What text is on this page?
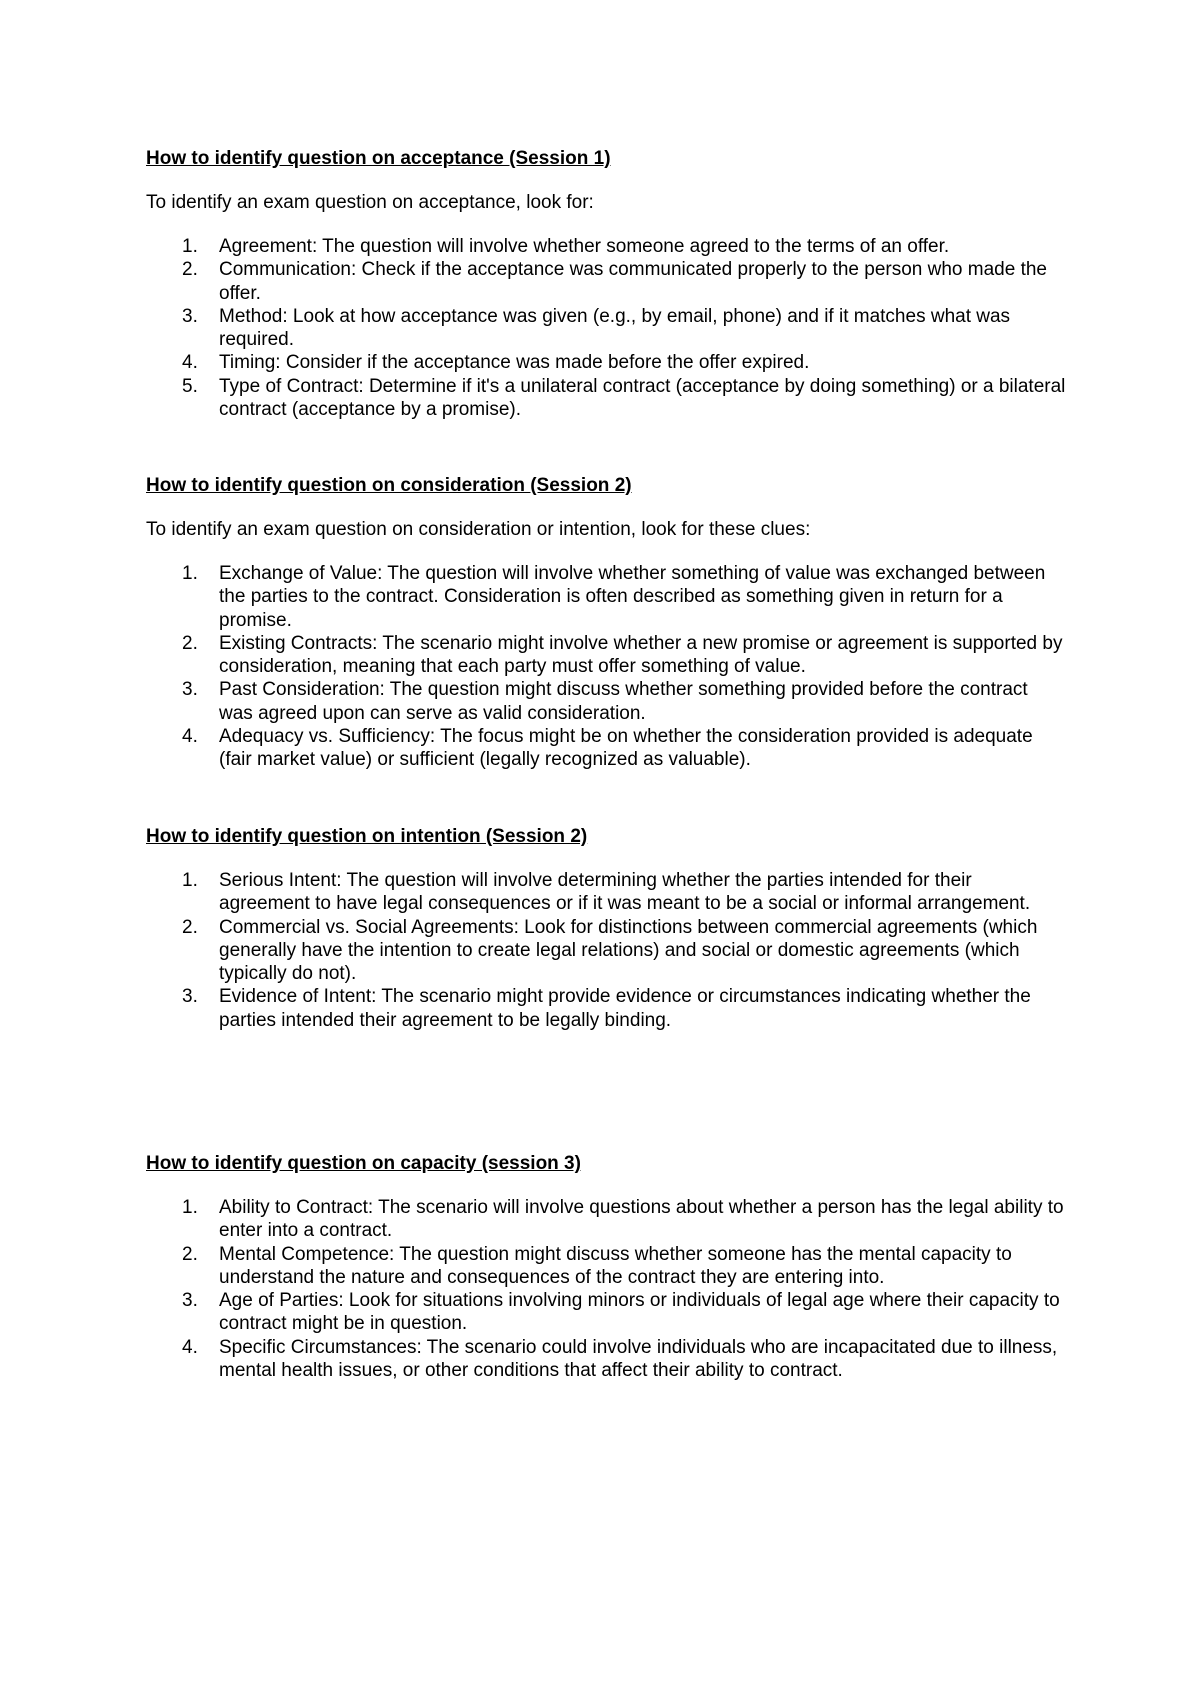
How to identify question on acceptance (Session 1)

To identify an exam question on acceptance, look for:

1. Agreement: The question will involve whether someone agreed to the terms of an offer.
2. Communication: Check if the acceptance was communicated properly to the person who made the offer.
3. Method: Look at how acceptance was given (e.g., by email, phone) and if it matches what was required.
4. Timing: Consider if the acceptance was made before the offer expired.
5. Type of Contract: Determine if it's a unilateral contract (acceptance by doing something) or a bilateral contract (acceptance by a promise).

How to identify question on consideration (Session 2)

To identify an exam question on consideration or intention, look for these clues:

1. Exchange of Value: The question will involve whether something of value was exchanged between the parties to the contract. Consideration is often described as something given in return for a promise.
2. Existing Contracts: The scenario might involve whether a new promise or agreement is supported by consideration, meaning that each party must offer something of value.
3. Past Consideration: The question might discuss whether something provided before the contract was agreed upon can serve as valid consideration.
4. Adequacy vs. Sufficiency: The focus might be on whether the consideration provided is adequate (fair market value) or sufficient (legally recognized as valuable).

How to identify question on intention (Session 2)

1. Serious Intent: The question will involve determining whether the parties intended for their agreement to have legal consequences or if it was meant to be a social or informal arrangement.
2. Commercial vs. Social Agreements: Look for distinctions between commercial agreements (which generally have the intention to create legal relations) and social or domestic agreements (which typically do not).
3. Evidence of Intent: The scenario might provide evidence or circumstances indicating whether the parties intended their agreement to be legally binding.

How to identify question on capacity (session 3)

1. Ability to Contract: The scenario will involve questions about whether a person has the legal ability to enter into a contract.
2. Mental Competence: The question might discuss whether someone has the mental capacity to understand the nature and consequences of the contract they are entering into.
3. Age of Parties: Look for situations involving minors or individuals of legal age where their capacity to contract might be in question.
4. Specific Circumstances: The scenario could involve individuals who are incapacitated due to illness, mental health issues, or other conditions that affect their ability to contract.
